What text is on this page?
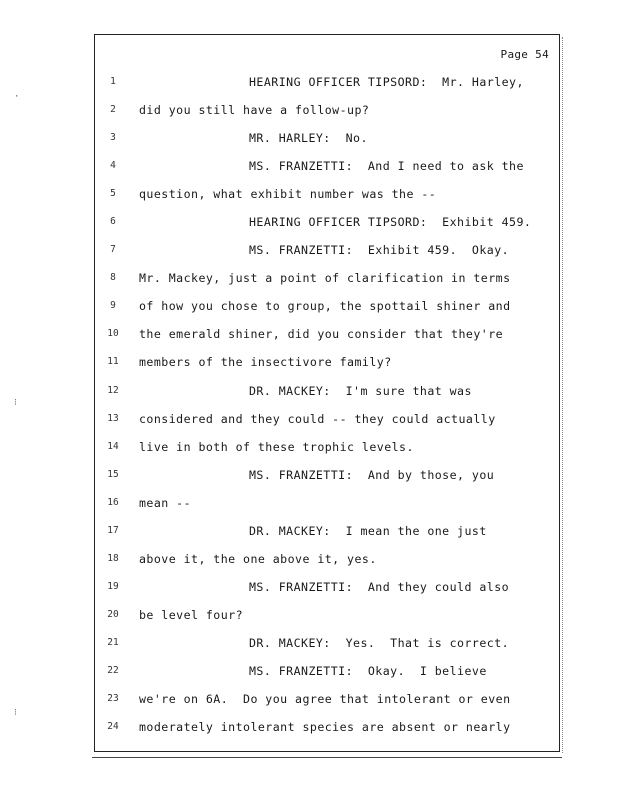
·
⁝
⁝
Page 54
1	HEARING OFFICER TIPSORD:  Mr. Harley,
2	did you still have a follow-up?
3	MR. HARLEY:  No.
4	MS. FRANZETTI:  And I need to ask the
5	question, what exhibit number was the --
6	HEARING OFFICER TIPSORD:  Exhibit 459.
7	MS. FRANZETTI:  Exhibit 459.  Okay.
8	Mr. Mackey, just a point of clarification in terms
9	of how you chose to group, the spottail shiner and
10 the emerald shiner, did you consider that they're
11 members of the insectivore family?
12	DR. MACKEY:  I'm sure that was
13 considered and they could -- they could actually
14 live in both of these trophic levels.
15	MS. FRANZETTI:  And by those, you
16 mean --
17	DR. MACKEY:  I mean the one just
18 above it, the one above it, yes.
19	MS. FRANZETTI:  And they could also
20 be level four?
21	DR. MACKEY:  Yes.  That is correct.
22	MS. FRANZETTI:  Okay.  I believe
23 we're on 6A.  Do you agree that intolerant or even
24 moderately intolerant species are absent or nearly
